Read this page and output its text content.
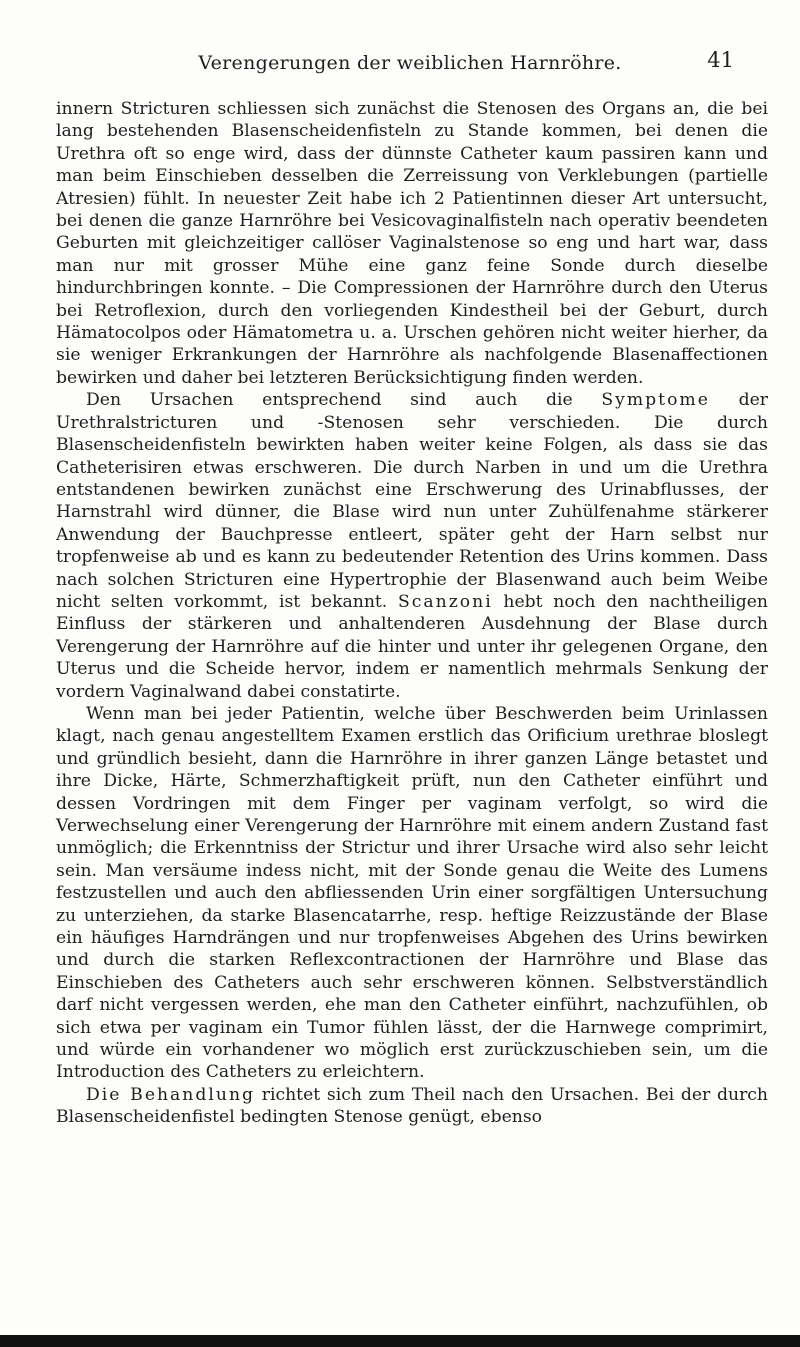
Verengerungen der weiblichen Harnröhre.	41

innern Stricturen schliessen sich zunächst die Stenosen des Organs an, die bei lang bestehenden Blasenscheidenfisteln zu Stande kommen, bei denen die Urethra oft so enge wird, dass der dünnste Catheter kaum passiren kann und man beim Einschieben desselben die Zerreissung von Verklebungen (partielle Atresien) fühlt. In neuester Zeit habe ich 2 Patientinnen dieser Art untersucht, bei denen die ganze Harnröhre bei Vesicovaginalfisteln nach operativ beendeten Geburten mit gleichzeitiger callöser Vaginalstenose so eng und hart war, dass man nur mit grosser Mühe eine ganz feine Sonde durch dieselbe hindurchbringen konnte. – Die Compressionen der Harnröhre durch den Uterus bei Retroflexion, durch den vorliegenden Kindestheil bei der Geburt, durch Hämatocolpos oder Hämatometra u. a. Urschen gehören nicht weiter hierher, da sie weniger Erkrankungen der Harnröhre als nachfolgende Blasenaffectionen bewirken und daher bei letzteren Berücksichtigung finden werden.

Den Ursachen entsprechend sind auch die Symptome der Urethralstricturen und -Stenosen sehr verschieden. Die durch Blasenscheidenfisteln bewirkten haben weiter keine Folgen, als dass sie das Catheterisiren etwas erschweren. Die durch Narben in und um die Urethra entstandenen bewirken zunächst eine Erschwerung des Urinabflusses, der Harnstrahl wird dünner, die Blase wird nun unter Zuhülfenahme stärkerer Anwendung der Bauchpresse entleert, später geht der Harn selbst nur tropfenweise ab und es kann zu bedeutender Retention des Urins kommen. Dass nach solchen Stricturen eine Hypertrophie der Blasenwand auch beim Weibe nicht selten vorkommt, ist bekannt. Scanzoni hebt noch den nachtheiligen Einfluss der stärkeren und anhaltenderen Ausdehnung der Blase durch Verengerung der Harnröhre auf die hinter und unter ihr gelegenen Organe, den Uterus und die Scheide hervor, indem er namentlich mehrmals Senkung der vordern Vaginalwand dabei constatirte.

Wenn man bei jeder Patientin, welche über Beschwerden beim Urinlassen klagt, nach genau angestelltem Examen erstlich das Orificium urethrae bloslegt und gründlich besieht, dann die Harnröhre in ihrer ganzen Länge betastet und ihre Dicke, Härte, Schmerzhaftigkeit prüft, nun den Catheter einführt und dessen Vordringen mit dem Finger per vaginam verfolgt, so wird die Verwechselung einer Verengerung der Harnröhre mit einem andern Zustand fast unmöglich; die Erkenntniss der Strictur und ihrer Ursache wird also sehr leicht sein. Man versäume indess nicht, mit der Sonde genau die Weite des Lumens festzustellen und auch den abfliessenden Urin einer sorgfältigen Untersuchung zu unterziehen, da starke Blasencatarrhe, resp. heftige Reizzustände der Blase ein häufiges Harndrängen und nur tropfenweises Abgehen des Urins bewirken und durch die starken Reflexcontractionen der Harnröhre und Blase das Einschieben des Catheters auch sehr erschweren können. Selbstverständlich darf nicht vergessen werden, ehe man den Catheter einführt, nachzufühlen, ob sich etwa per vaginam ein Tumor fühlen lässt, der die Harnwege comprimirt, und würde ein vorhandener wo möglich erst zurückzuschieben sein, um die Introduction des Catheters zu erleichtern.

Die Behandlung richtet sich zum Theil nach den Ursachen. Bei der durch Blasenscheidenfistel bedingten Stenose genügt, ebenso
